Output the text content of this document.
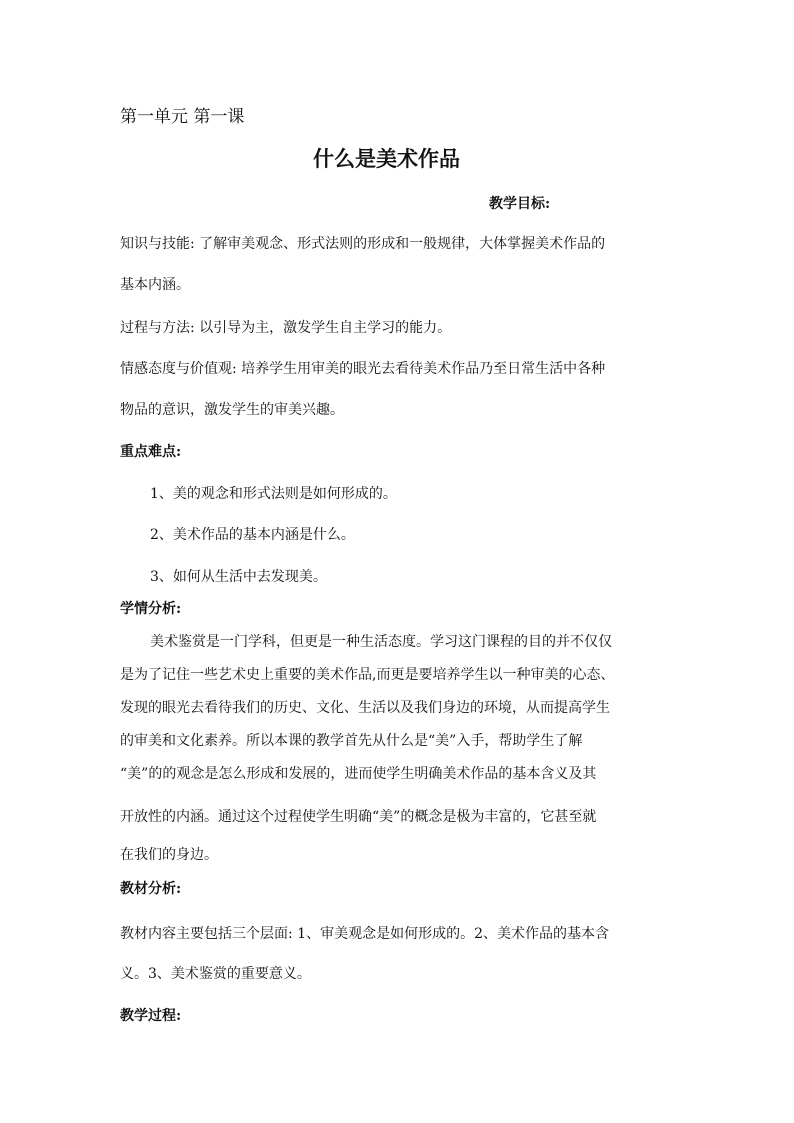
第一单元 第一课
什么是美术作品
教学目标:
知识与技能: 了解审美观念、形式法则的形成和一般规律，大体掌握美术作品的
基本内涵。
过程与方法: 以引导为主，激发学生自主学习的能力。
情感态度与价值观: 培养学生用审美的眼光去看待美术作品乃至日常生活中各种
物品的意识，激发学生的审美兴趣。
重点难点:
1、美的观念和形式法则是如何形成的。
2、美术作品的基本内涵是什么。
3、如何从生活中去发现美。
学情分析:
美术鉴赏是一门学科，但更是一种生活态度。学习这门课程的目的并不仅仅
是为了记住一些艺术史上重要的美术作品,而更是要培养学生以一种审美的心态、
发现的眼光去看待我们的历史、文化、生活以及我们身边的环境，从而提高学生
的审美和文化素养。所以本课的教学首先从什么是“美”入手，帮助学生了解
“美”的的观念是怎么形成和发展的，进而使学生明确美术作品的基本含义及其
开放性的内涵。通过这个过程使学生明确“美”的概念是极为丰富的，它甚至就
在我们的身边。
教材分析:
教材内容主要包括三个层面: 1、审美观念是如何形成的。2、美术作品的基本含
义。3、美术鉴赏的重要意义。
教学过程:
